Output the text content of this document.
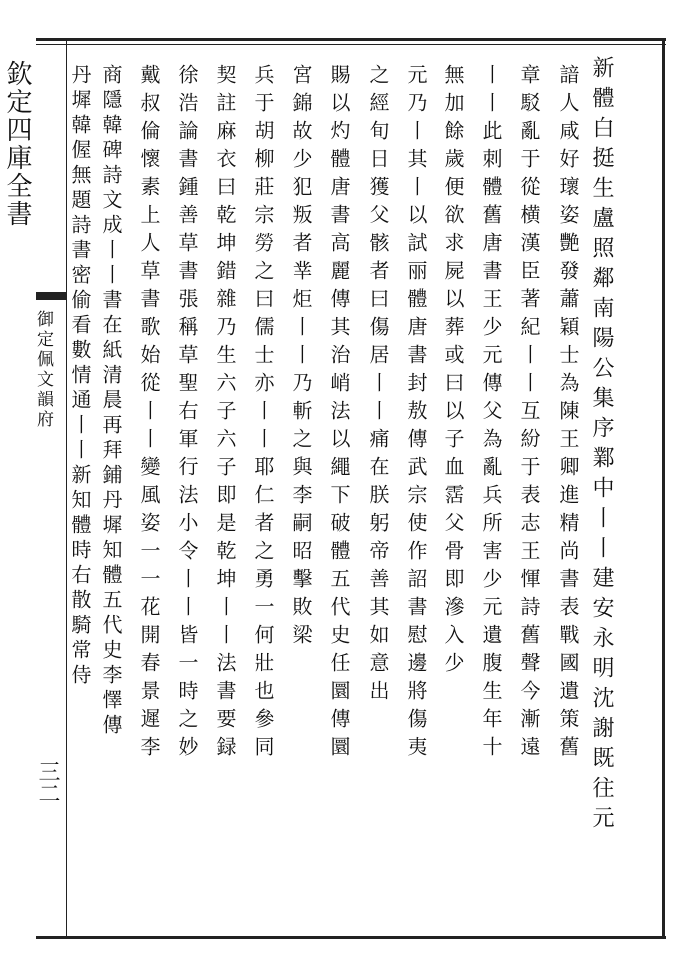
欽定四庫全書
御定佩文韻府
三二	新體白挺生盧照鄰南陽公集序鄴中丨丨建安永明沈謝既往元
諳人咸好瓌姿艷發蕭穎士為陳王卿進精尚書表戰國遺策舊
章駁亂于從横漢臣著紀丨丨互紛于表志王惲詩舊聲今漸遠
丨丨此刺體舊唐書王少元傳父為亂兵所害少元遺腹生年十
無加餘歲便欲求屍以葬或曰以子血霑父骨即滲入少
元乃丨其丨以試丽體唐書封敖傳武宗使作詔書慰邊將傷夷
之經旬日獲父骸者曰傷居丨丨痛在朕躬帝善其如意出
賜以灼體唐書高麗傳其治峭法以繩下破體五代史任圜傳圜
宮錦故少犯叛者丵炬丨丨乃斬之與李嗣昭擊敗梁
兵于胡柳莊宗勞之曰儒士亦丨丨耶仁者之勇一何壯也參同
契註麻衣曰乾坤錯雜乃生六子六子即是乾坤丨丨法書要録
徐浩論書鍾善草書張稱草聖右軍行法小令丨丨皆一時之妙
戴叔倫懷素上人草書歌始從丨丨變風姿一一花開春景遲李
商隱韓碑詩文成丨丨書在紙清晨再拜鋪丹墀知體五代史李懌傳
丹墀韓偓無題詩書密偷看數情通丨丨新知體時右散騎常侍
